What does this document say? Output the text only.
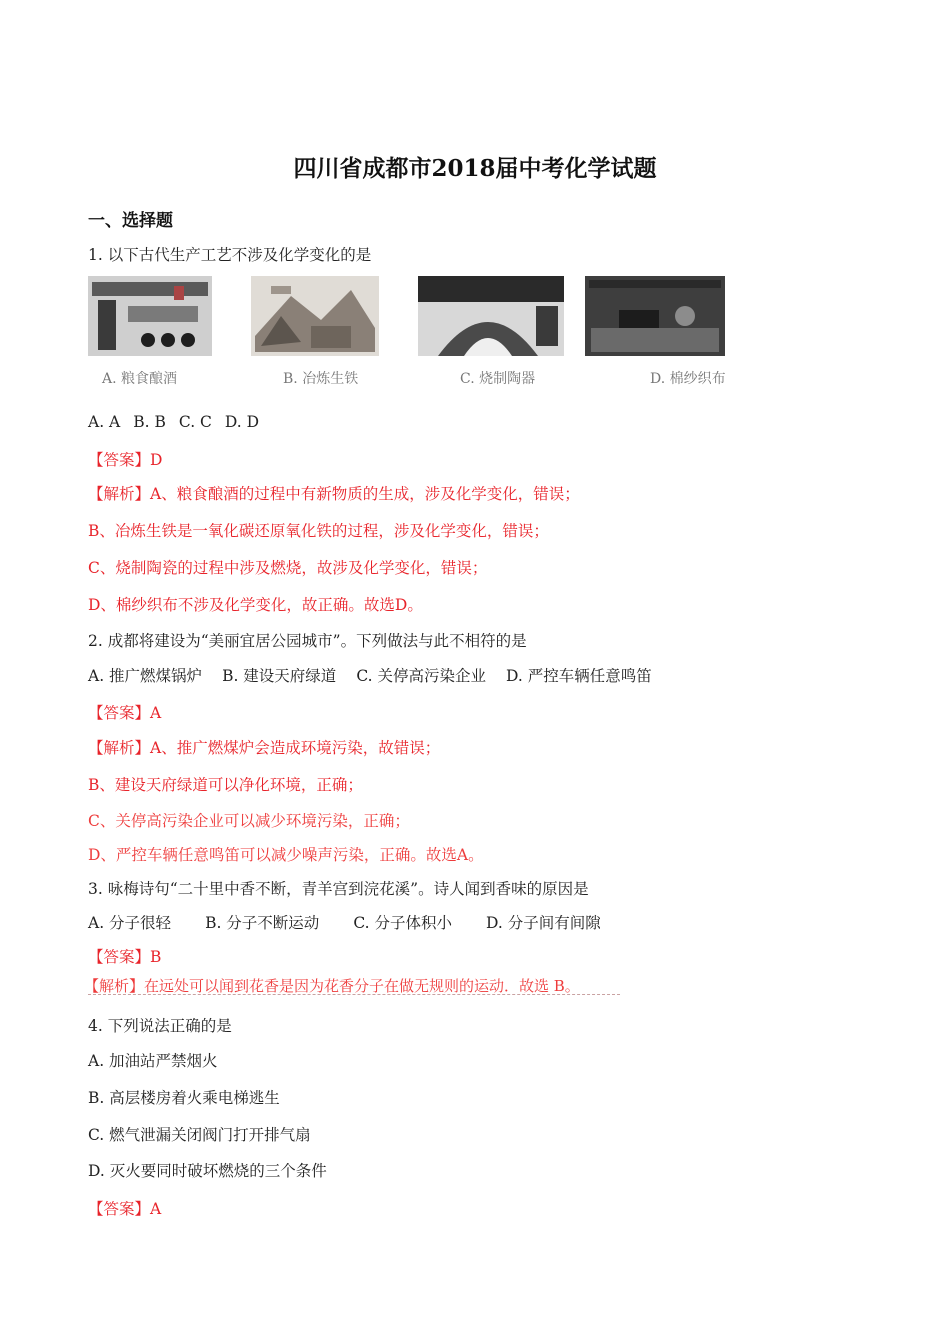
四川省成都市2018届中考化学试题
一、选择题
1. 以下古代生产工艺不涉及化学变化的是
A. 粮食酿酒	B. 冶炼生铁	C. 烧制陶器	D. 棉纱织布
A. A B. B C. C D. D
【答案】D
【解析】A、粮食酿酒的过程中有新物质的生成，涉及化学变化，错误；
B、冶炼生铁是一氧化碳还原氧化铁的过程，涉及化学变化，错误；
C、烧制陶瓷的过程中涉及燃烧，故涉及化学变化，错误；
D、棉纱织布不涉及化学变化，故正确。故选D。
2. 成都将建设为“美丽宜居公园城市”。下列做法与此不相符的是
A. 推广燃煤锅炉 B. 建设天府绿道 C. 关停高污染企业 D. 严控车辆任意鸣笛
【答案】A
【解析】A、推广燃煤炉会造成环境污染，故错误；
B、建设天府绿道可以净化环境，正确；
C、关停高污染企业可以减少环境污染，正确；
D、严控车辆任意鸣笛可以减少噪声污染，正确。故选A。
3. 咏梅诗句“二十里中香不断，青羊宫到浣花溪”。诗人闻到香味的原因是
A. 分子很轻 B. 分子不断运动 C. 分子体积小 D. 分子间有间隙
【答案】B
【解析】在远处可以闻到花香是因为花香分子在做无规则的运动．故选 B。
4. 下列说法正确的是
A. 加油站严禁烟火
B. 高层楼房着火乘电梯逃生
C. 燃气泄漏关闭阀门打开排气扇
D. 灭火要同时破坏燃烧的三个条件
【答案】A
